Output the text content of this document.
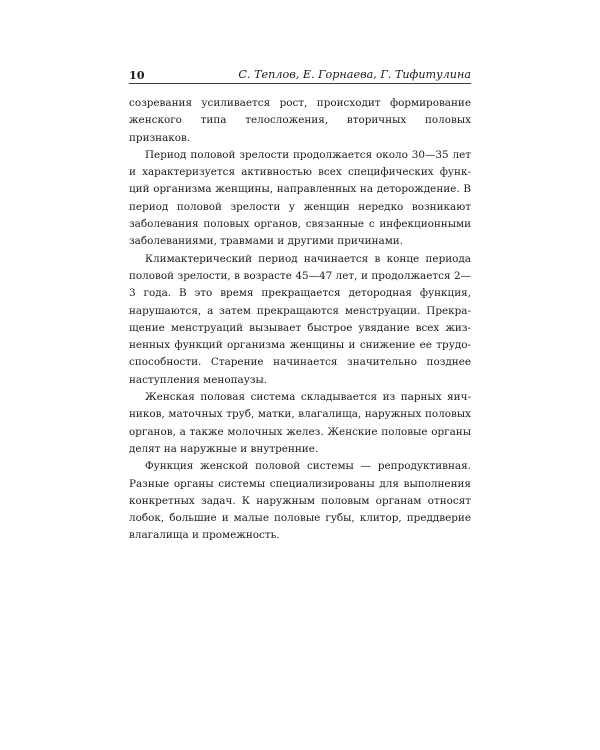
10	С. Теплов, Е. Горнаева, Г. Тифитулина

созревания усиливается рост, происходит формирование женского типа телосложения, вторичных половых признаков.

Период половой зрелости продолжается около 30—35 лет и характеризуется активностью всех специфических функций организма женщины, направленных на деторождение. В период половой зрелости у женщин нередко возникают заболевания половых органов, связанные с инфекционными заболеваниями, травмами и другими причинами.

Климактерический период начинается в конце периода половой зрелости, в возрасте 45—47 лет, и продолжается 2—3 года. В это время прекращается детородная функция, нарушаются, а затем прекращаются менструации. Прекращение менструаций вызывает быстрое увядание всех жизненных функций организма женщины и снижение ее трудоспособности. Старение начинается значительно позднее наступления менопаузы.

Женская половая система складывается из парных яичников, маточных труб, матки, влагалища, наружных половых органов, а также молочных желез. Женские половые органы делят на наружные и внутренние.

Функция женской половой системы — репродуктивная. Разные органы системы специализированы для выполнения конкретных задач. К наружным половым органам относят лобок, большие и малые половые губы, клитор, преддверие влагалища и промежность.
